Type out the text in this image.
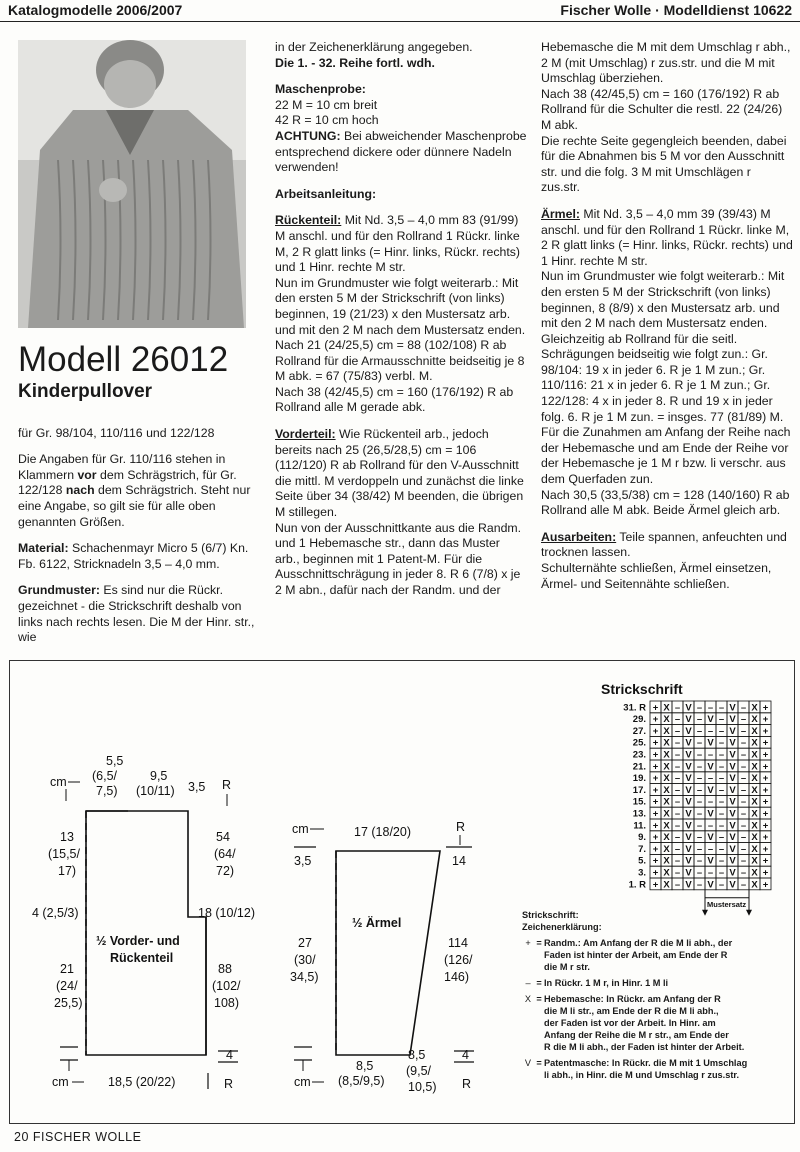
Katalogmodelle 2006/2007	Fischer Wolle · Modelldienst 10622
Modell 26012
Kinderpullover

für Gr. 98/104, 110/116 und 122/128

Die Angaben für Gr. 110/116 stehen in Klammern vor dem Schrägstrich, für Gr. 122/128 nach dem Schrägstrich. Steht nur eine Angabe, so gilt sie für alle oben genannten Größen.

Material: Schachenmayr Micro 5 (6/7) Kn. Fb. 6122, Stricknadeln 3,5 – 4,0 mm.

Grundmuster: Es sind nur die Rückr. gezeichnet - die Strickschrift deshalb von links nach rechts lesen. Die M der Hinr. str., wie

in der Zeichenerklärung angegeben.

Die 1. - 32. Reihe fortl. wdh.

Maschenprobe:
22 M = 10 cm breit
42 R = 10 cm hoch
ACHTUNG: Bei abweichender Maschenprobe entsprechend dickere oder dünnere Nadeln verwenden!

Arbeitsanleitung:

Rückenteil: Mit Nd. 3,5 – 4,0 mm 83 (91/99) M anschl. und für den Rollrand 1 Rückr. linke M, 2 R glatt links (= Hinr. links, Rückr. rechts) und 1 Hinr. rechte M str.
Nun im Grundmuster wie folgt weiterarb.: Mit den ersten 5 M der Strickschrift (von links) beginnen, 19 (21/23) x den Mustersatz arb. und mit den 2 M nach dem Mustersatz enden.
Nach 21 (24/25,5) cm = 88 (102/108) R ab Rollrand für die Armausschnitte beidseitig je 8 M abk. = 67 (75/83) verbl. M.
Nach 38 (42/45,5) cm = 160 (176/192) R ab Rollrand alle M gerade abk.

Vorderteil: Wie Rückenteil arb., jedoch bereits nach 25 (26,5/28,5) cm = 106 (112/120) R ab Rollrand für den V-Ausschnitt die mittl. M verdoppeln und zunächst die linke Seite über 34 (38/42) M beenden, die übrigen M stillegen.
Nun von der Ausschnittkante aus die Randm. und 1 Hebemasche str., dann das Muster arb., beginnen mit 1 Patent-M. Für die Ausschnittschrägung in jeder 8. R 6 (7/8) x je 2 M abn., dafür nach der Randm. und der

Hebemasche die M mit dem Umschlag r abh., 2 M (mit Umschlag) r zus.str. und die M mit Umschlag überziehen.
Nach 38 (42/45,5) cm = 160 (176/192) R ab Rollrand für die Schulter die restl. 22 (24/26) M abk.
Die rechte Seite gegengleich beenden, dabei für die Abnahmen bis 5 M vor den Ausschnitt str. und die folg. 3 M mit Umschlägen r zus.str.

Ärmel: Mit Nd. 3,5 – 4,0 mm 39 (39/43) M anschl. und für den Rollrand 1 Rückr. linke M, 2 R glatt links (= Hinr. links, Rückr. rechts) und 1 Hinr. rechte M str.
Nun im Grundmuster wie folgt weiterarb.: Mit den ersten 5 M der Strickschrift (von links) beginnen, 8 (8/9) x den Mustersatz arb. und mit den 2 M nach dem Mustersatz enden.
Gleichzeitig ab Rollrand für die seitl. Schrägungen beidseitig wie folgt zun.: Gr. 98/104: 19 x in jeder 6. R je 1 M zun.; Gr. 110/116: 21 x in jeder 6. R je 1 M zun.; Gr. 122/128: 4 x in jeder 8. R und 19 x in jeder folg. 6. R je 1 M zun. = insges. 77 (81/89) M. Für die Zunahmen am Anfang der Reihe nach der Hebemasche und am Ende der Reihe vor der Hebemasche je 1 M r bzw. li verschr. aus dem Querfaden zun.
Nach 30,5 (33,5/38) cm = 128 (140/160) R ab Rollrand alle M abk. Beide Ärmel gleich arb.

Ausarbeiten: Teile spannen, anfeuchten und trocknen lassen.
Schulternähte schließen, Ärmel einsetzen, Ärmel- und Seitennähte schließen.

5,5
(6,5/
7,5)
9,5
(10/11) 3,5 R
cm
13
(15,5/
17)
54
(64/
72)
4 (2,5/3)	18 (10/12)
½ Vorder- und
Rückenteil
21
(24/
25,5)
88
(102/
108)
cm	18,5 (20/22)
4
R
cm	17 (18/20)	R
3,5	14
½ Ärmel
27
(30/
34,5)
114
(126/
146)
cm
8,5
(8,5/9,5)
8,5
(9,5/
10,5)
4
R
Strickschrift
31. R + X – V – – – V – X +
29. + X – V – V – V – X +
27. + X – V – – – V – X +
25. + X – V – V – V – X +
23. + X – V – – – V – X +
21. + X – V – V – V – X +
19. + X – V – – – V – X +
17. + X – V – V – V – X +
15. + X – V – – – V – X +
13. + X – V – V – V – X +
11. + X – V – – – V – X +
9. + X – V – V – V – X +
7. + X – V – – – V – X +
5. + X – V – V – V – X +
3. + X – V – – – V – X +
1. R + X – V – V – V – X +
Mustersatz

Strickschrift:

Zeichenerklärung:

+ = Randm.: Am Anfang der R die M li abh., der
Faden ist hinter der Arbeit, am Ende der R
die M r str.
– = In Rückr. 1 M r, in Hinr. 1 M li
X = Hebemasche: In Rückr. am Anfang der R
die M li str., am Ende der R die M li abh.,
der Faden ist vor der Arbeit. In Hinr. am
Anfang der Reihe die M r str., am Ende der
R die M li abh., der Faden ist hinter der Arbeit.
V = Patentmasche: In Rückr. die M mit 1 Umschlag
li abh., in Hinr. die M und Umschlag r zus.str.
20 FISCHER WOLLE
